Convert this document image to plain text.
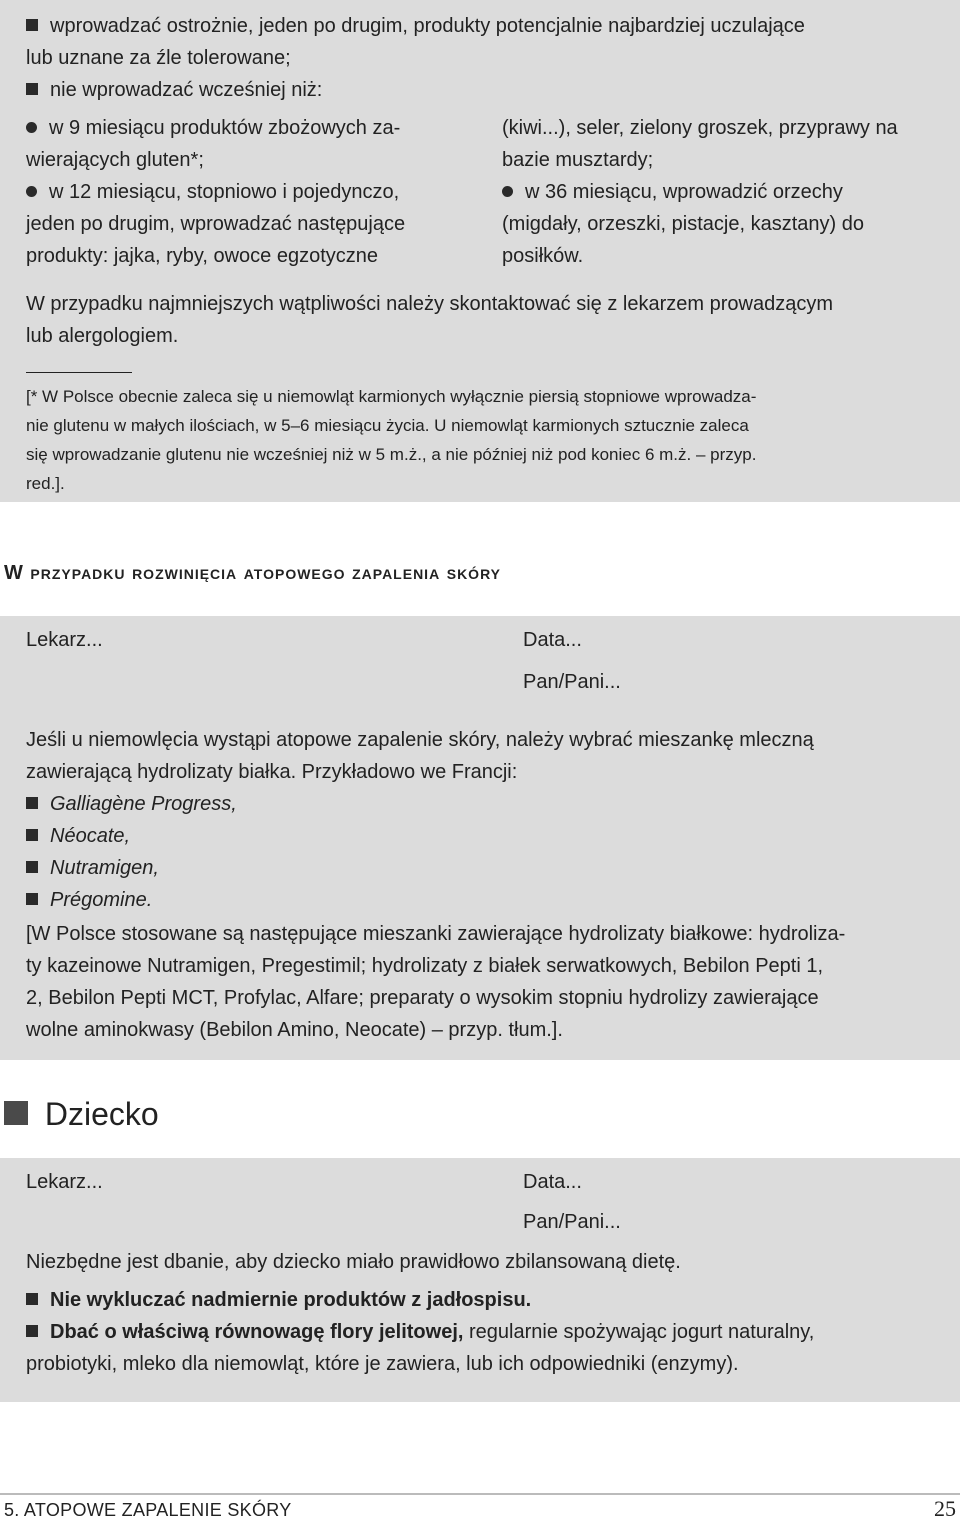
wprowadzać ostrożnie, jeden po drugim, produkty potencjalnie najbardziej uczulające
lub uznane za źle tolerowane;
nie wprowadzać wcześniej niż:
w 9 miesiącu produktów zbożowych za-
wierających gluten*;
w 12 miesiącu, stopniowo i pojedynczo,
jeden po drugim, wprowadzać następujące
produkty: jajka, ryby, owoce egzotyczne
(kiwi...), seler, zielony groszek, przyprawy na
bazie musztardy;
w 36 miesiącu, wprowadzić orzechy
(migdały, orzeszki, pistacje, kasztany) do
posiłków.
W przypadku najmniejszych wątpliwości należy skontaktować się z lekarzem prowadzącym
lub alergologiem.
[* W Polsce obecnie zaleca się u niemowląt karmionych wyłącznie piersią stopniowe wprowadza-
nie glutenu w małych ilościach, w 5–6 miesiącu życia. U niemowląt karmionych sztucznie zaleca
się wprowadzanie glutenu nie wcześniej niż w 5 m.ż., a nie później niż pod koniec 6 m.ż. – przyp.
red.].
W przypadku rozwinięcia atopowego zapalenia skóry
Lekarz...	Data...
Pan/Pani...
Jeśli u niemowlęcia wystąpi atopowe zapalenie skóry, należy wybrać mieszankę mleczną
zawierającą hydrolizaty białka. Przykładowo we Francji:
Galliagène Progress,
Néocate,
Nutramigen,
Prégomine.
[W Polsce stosowane są następujące mieszanki zawierające hydrolizaty białkowe: hydroliza-
ty kazeinowe Nutramigen, Pregestimil; hydrolizaty z białek serwatkowych, Bebilon Pepti 1,
2, Bebilon Pepti MCT, Profylac, Alfare; preparaty o wysokim stopniu hydrolizy zawierające
wolne aminokwasy (Bebilon Amino, Neocate) – przyp. tłum.].
Dziecko
Lekarz...	Data...
Pan/Pani...
Niezbędne jest dbanie, aby dziecko miało prawidłowo zbilansowaną dietę.
Nie wykluczać nadmiernie produktów z jadłospisu.
Dbać o właściwą równowagę flory jelitowej, regularnie spożywając jogurt naturalny,
probiotyki, mleko dla niemowląt, które je zawiera, lub ich odpowiedniki (enzymy).
5. ATOPOWE ZAPALENIE SKÓRY	25
